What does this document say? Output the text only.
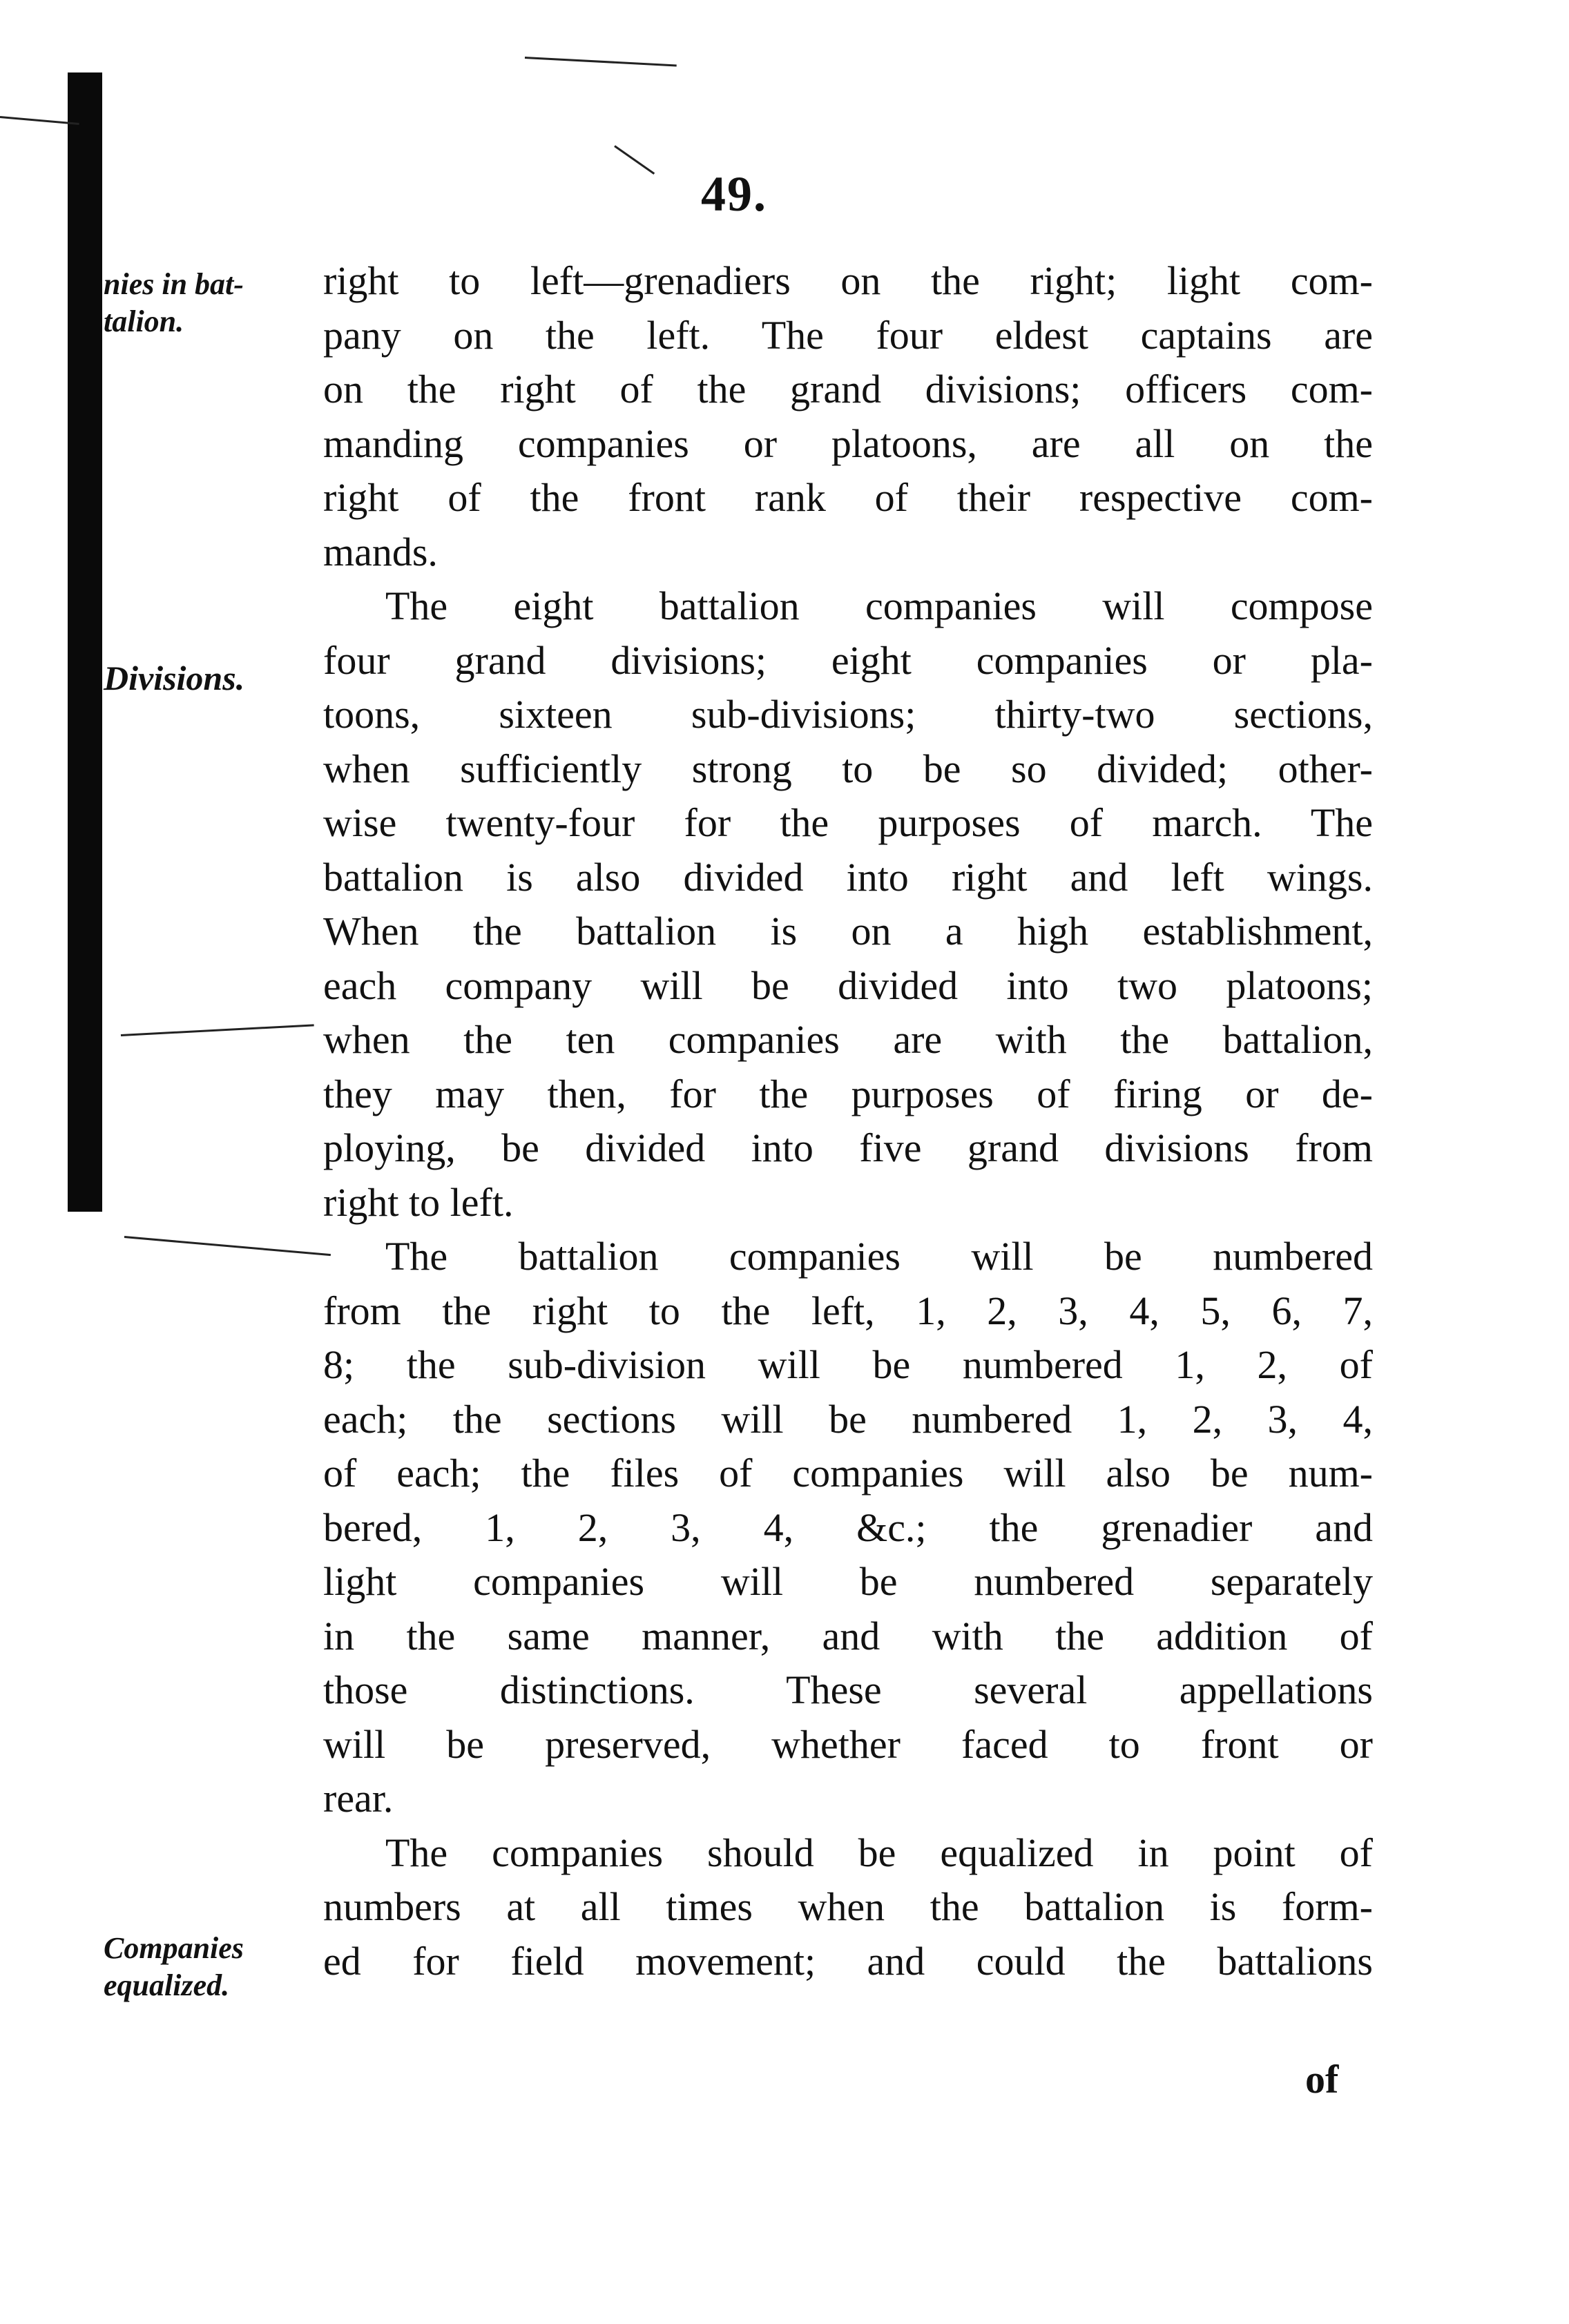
49.
nies in bat-
talion.
Divisions.
Companies
equalized.

right to left—grenadiers on the right; light com-
pany on the left. The four eldest captains are
on the right of the grand divisions; officers com-
manding companies or platoons, are all on the
right of the front rank of their respective com-
mands.

The eight battalion companies will compose
four grand divisions; eight companies or pla-
toons, sixteen sub-divisions; thirty-two sections,
when sufficiently strong to be so divided; other-
wise twenty-four for the purposes of march. The
battalion is also divided into right and left wings.
When the battalion is on a high establishment,
each company will be divided into two platoons;
when the ten companies are with the battalion,
they may then, for the purposes of firing or de-
ploying, be divided into five grand divisions from
right to left.

The battalion companies will be numbered
from the right to the left, 1, 2, 3, 4, 5, 6, 7,
8; the sub-division will be numbered 1, 2, of
each; the sections will be numbered 1, 2, 3, 4,
of each; the files of companies will also be num-
bered, 1, 2, 3, 4, &c.; the grenadier and
light companies will be numbered separately
in the same manner, and with the addition of
those distinctions. These several appellations
will be preserved, whether faced to front or
rear.

The companies should be equalized in point of
numbers at all times when the battalion is form-
ed for field movement; and could the battalions

of
